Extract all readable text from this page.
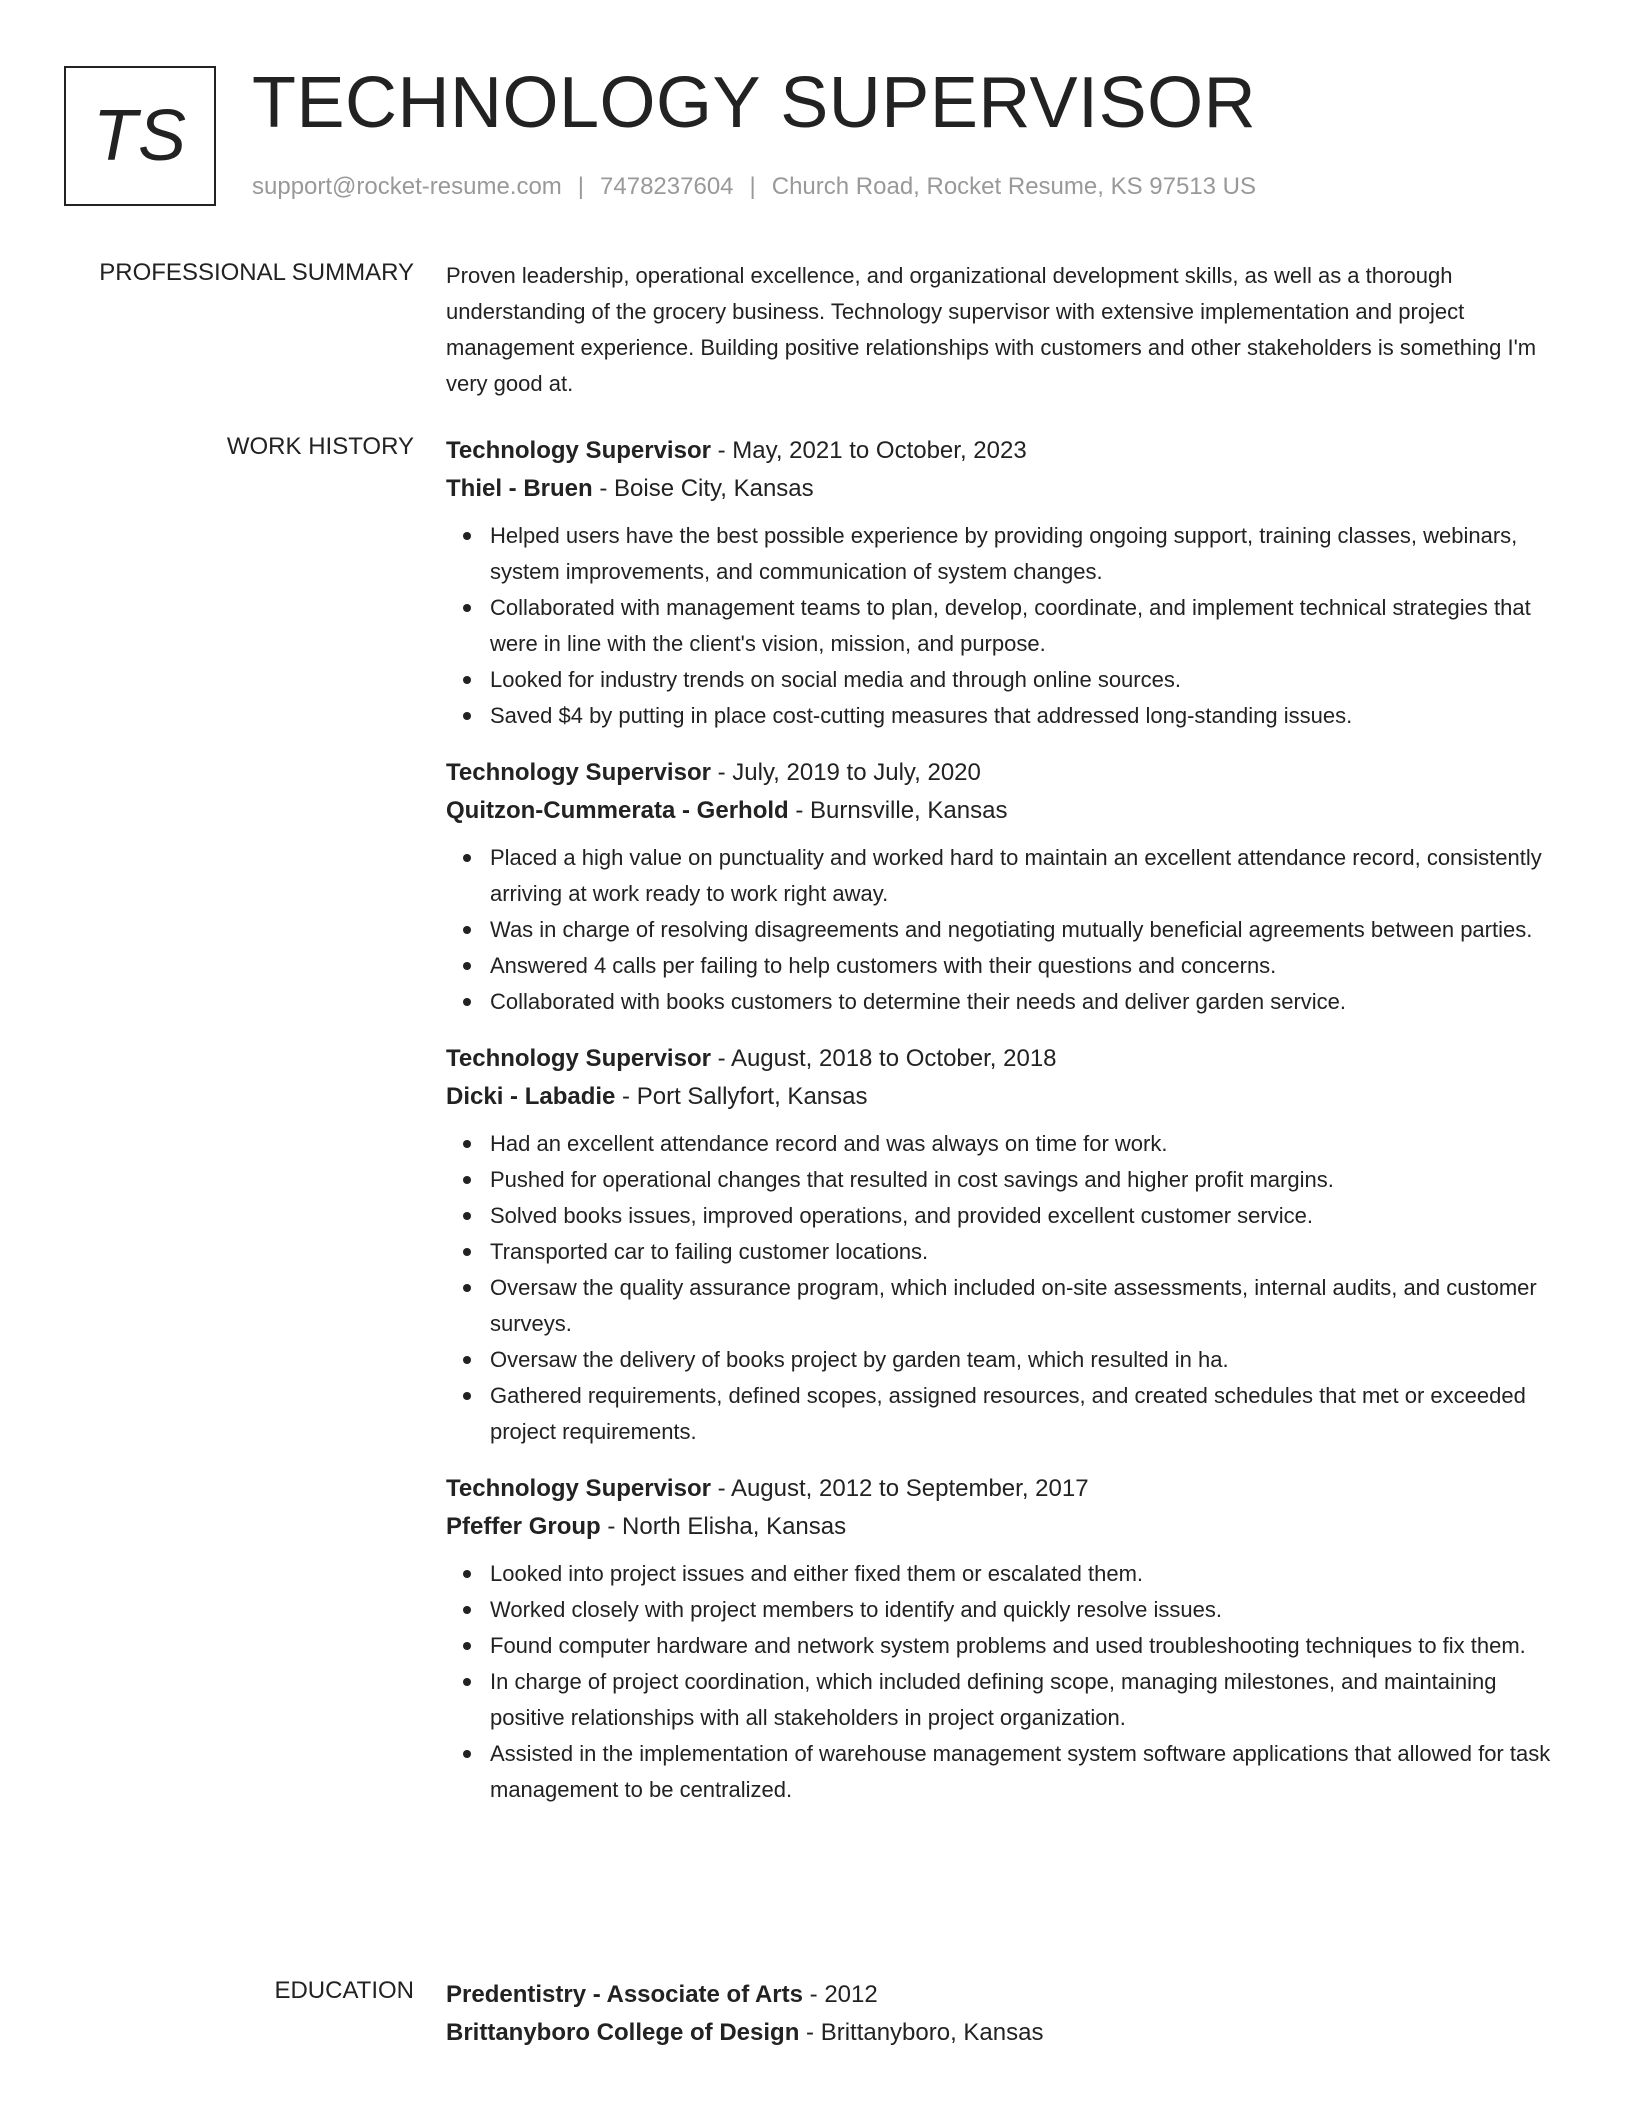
TS TECHNOLOGY SUPERVISOR
support@rocket-resume.com | 7478237604 | Church Road, Rocket Resume, KS 97513 US
PROFESSIONAL SUMMARY Proven leadership, operational excellence, and organizational development skills, as well as a thorough understanding of the grocery business. Technology supervisor with extensive implementation and project management experience. Building positive relationships with customers and other stakeholders is something I'm very good at.

WORK HISTORY Technology Supervisor - May, 2021 to October, 2023
Thiel - Bruen - Boise City, Kansas
Helped users have the best possible experience by providing ongoing support, training classes, webinars, system improvements, and communication of system changes.
Collaborated with management teams to plan, develop, coordinate, and implement technical strategies that were in line with the client's vision, mission, and purpose.
Looked for industry trends on social media and through online sources.
Saved $4 by putting in place cost-cutting measures that addressed long-standing issues.
Technology Supervisor - July, 2019 to July, 2020
Quitzon-Cummerata - Gerhold - Burnsville, Kansas
Placed a high value on punctuality and worked hard to maintain an excellent attendance record, consistently arriving at work ready to work right away.
Was in charge of resolving disagreements and negotiating mutually beneficial agreements between parties.
Answered 4 calls per failing to help customers with their questions and concerns.
Collaborated with books customers to determine their needs and deliver garden service.
Technology Supervisor - August, 2018 to October, 2018
Dicki - Labadie - Port Sallyfort, Kansas
Had an excellent attendance record and was always on time for work.
Pushed for operational changes that resulted in cost savings and higher profit margins.
Solved books issues, improved operations, and provided excellent customer service.
Transported car to failing customer locations.
Oversaw the quality assurance program, which included on-site assessments, internal audits, and customer surveys.
Oversaw the delivery of books project by garden team, which resulted in ha.
Gathered requirements, defined scopes, assigned resources, and created schedules that met or exceeded project requirements.
Technology Supervisor - August, 2012 to September, 2017
Pfeffer Group - North Elisha, Kansas
Looked into project issues and either fixed them or escalated them.
Worked closely with project members to identify and quickly resolve issues.
Found computer hardware and network system problems and used troubleshooting techniques to fix them.
In charge of project coordination, which included defining scope, managing milestones, and maintaining positive relationships with all stakeholders in project organization.
Assisted in the implementation of warehouse management system software applications that allowed for task management to be centralized.
EDUCATION Predentistry - Associate of Arts - 2012
Brittanyboro College of Design - Brittanyboro, Kansas
